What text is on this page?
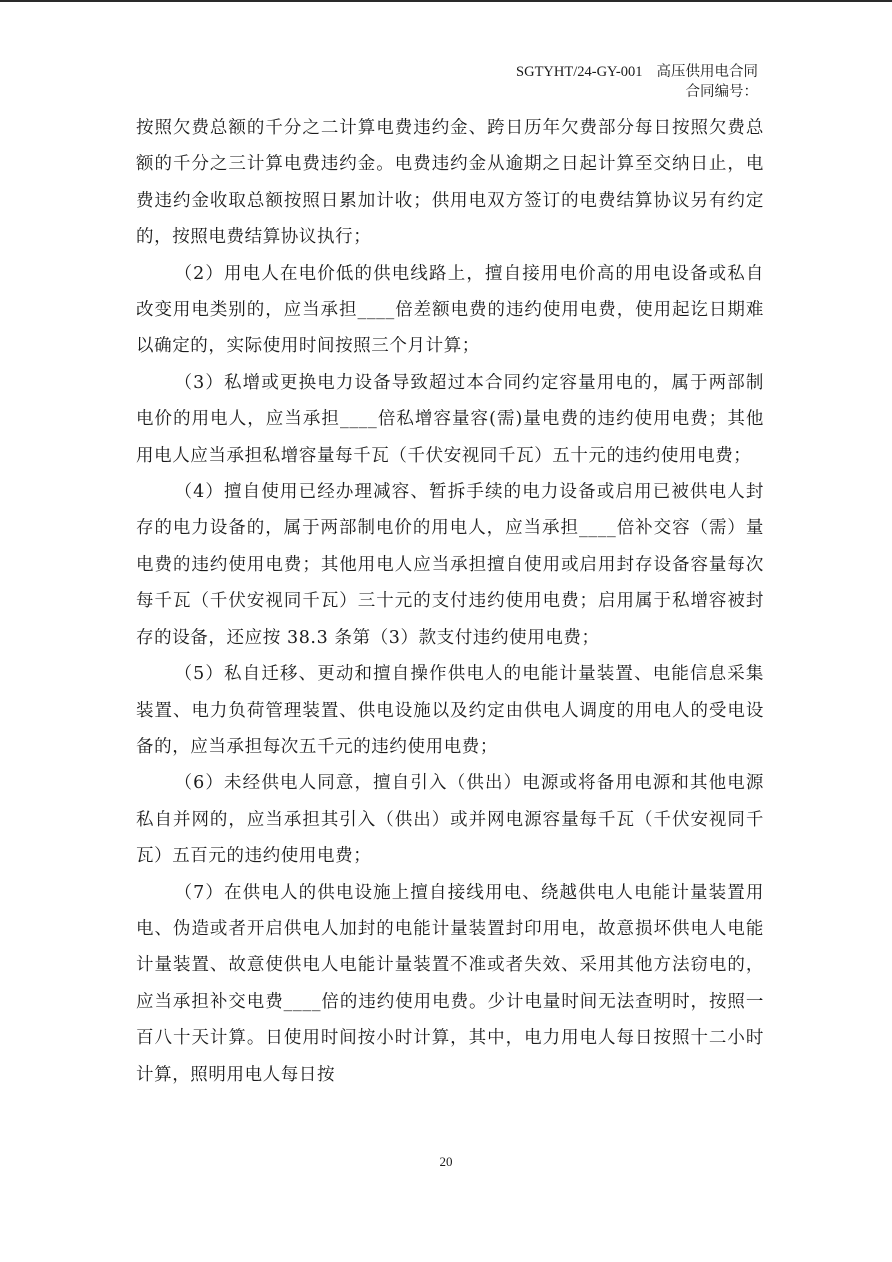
SGTYHT/24-GY-001 高压供用电合同
合同编号：

按照欠费总额的千分之二计算电费违约金、跨日历年欠费部分每日按照欠费总额的千分之三计算电费违约金。电费违约金从逾期之日起计算至交纳日止，电费违约金收取总额按照日累加计收；供用电双方签订的电费结算协议另有约定的，按照电费结算协议执行；

（2）用电人在电价低的供电线路上，擅自接用电价高的用电设备或私自改变用电类别的，应当承担____倍差额电费的违约使用电费，使用起讫日期难以确定的，实际使用时间按照三个月计算；

（3）私增或更换电力设备导致超过本合同约定容量用电的，属于两部制电价的用电人，应当承担____倍私增容量容(需)量电费的违约使用电费；其他用电人应当承担私增容量每千瓦（千伏安视同千瓦）五十元的违约使用电费；

（4）擅自使用已经办理减容、暂拆手续的电力设备或启用已被供电人封存的电力设备的，属于两部制电价的用电人，应当承担____倍补交容（需）量电费的违约使用电费；其他用电人应当承担擅自使用或启用封存设备容量每次每千瓦（千伏安视同千瓦）三十元的支付违约使用电费；启用属于私增容被封存的设备，还应按 38.3 条第（3）款支付违约使用电费；

（5）私自迁移、更动和擅自操作供电人的电能计量装置、电能信息采集装置、电力负荷管理装置、供电设施以及约定由供电人调度的用电人的受电设备的，应当承担每次五千元的违约使用电费；

（6）未经供电人同意，擅自引入（供出）电源或将备用电源和其他电源私自并网的，应当承担其引入（供出）或并网电源容量每千瓦（千伏安视同千瓦）五百元的违约使用电费；

（7）在供电人的供电设施上擅自接线用电、绕越供电人电能计量装置用电、伪造或者开启供电人加封的电能计量装置封印用电，故意损坏供电人电能计量装置、故意使供电人电能计量装置不准或者失效、采用其他方法窃电的，应当承担补交电费____倍的违约使用电费。少计电量时间无法查明时，按照一百八十天计算。日使用时间按小时计算，其中，电力用电人每日按照十二小时计算，照明用电人每日按

20
